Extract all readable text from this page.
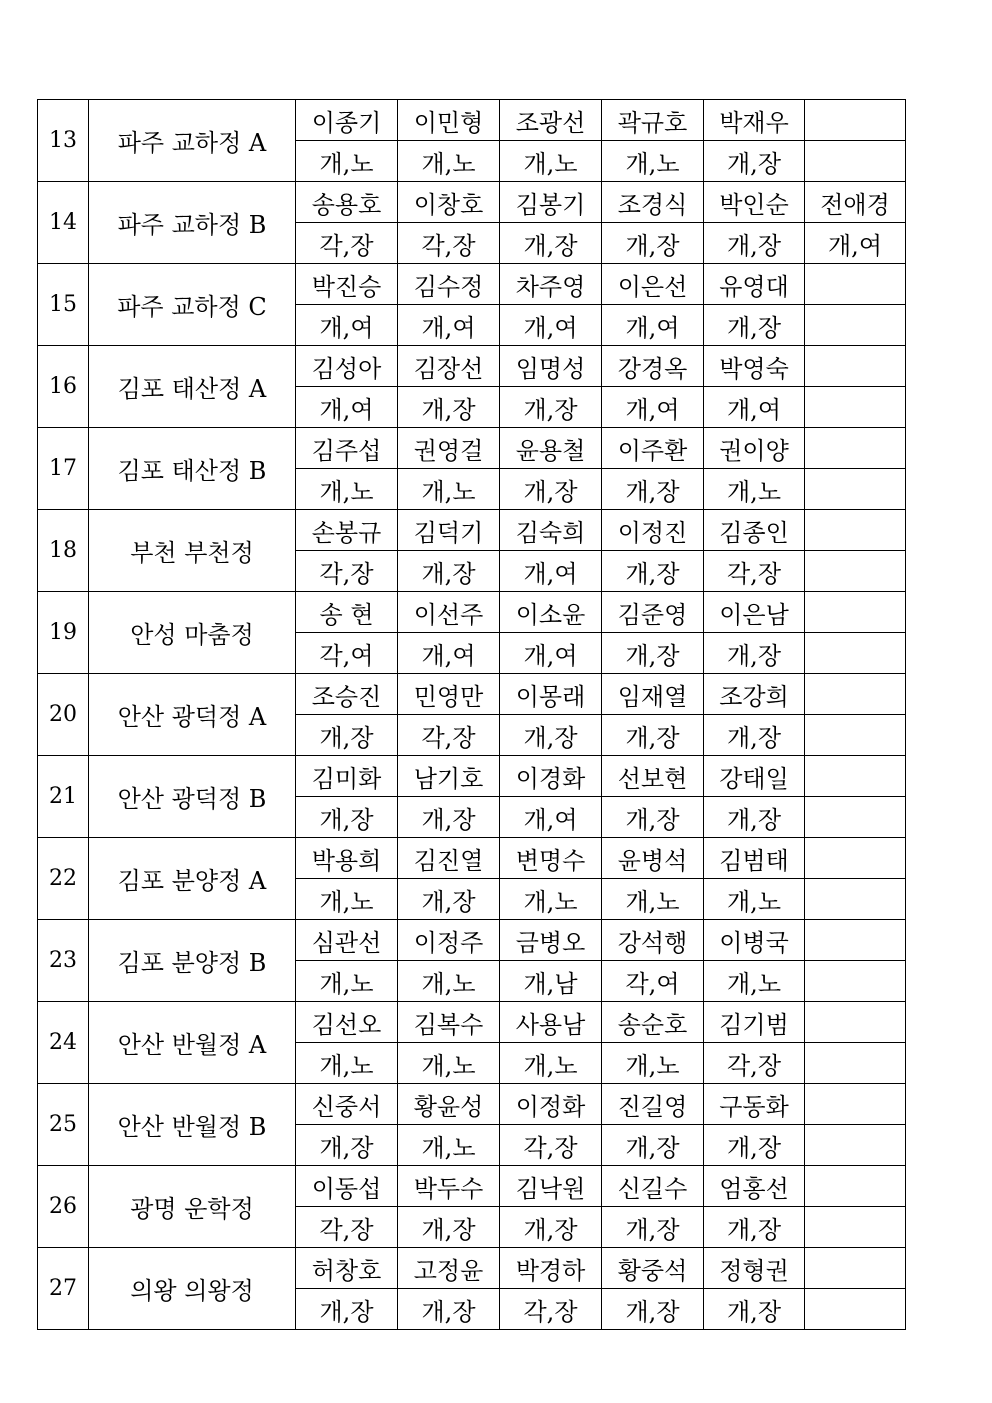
13	파주 교하정 A	이종기	이민형	조광선	곽규호	박재우	
		개,노	개,노	개,노	개,노	개,장	
14	파주 교하정 B	송용호	이창호	김봉기	조경식	박인순	전애경
		각,장	각,장	개,장	개,장	개,장	개,여
15	파주 교하정 C	박진승	김수정	차주영	이은선	유영대	
		개,여	개,여	개,여	개,여	개,장	
16	김포 태산정 A	김성아	김장선	임명성	강경옥	박영숙	
		개,여	개,장	개,장	개,여	개,여	
17	김포 태산정 B	김주섭	권영걸	윤용철	이주환	권이양	
		개,노	개,노	개,장	개,장	개,노	
18	부천 부천정	손봉규	김덕기	김숙희	이정진	김종인	
		각,장	개,장	개,여	개,장	각,장	
19	안성 마춤정	송 현	이선주	이소윤	김준영	이은남	
		각,여	개,여	개,여	개,장	개,장	
20	안산 광덕정 A	조승진	민영만	이몽래	임재열	조강희	
		개,장	각,장	개,장	개,장	개,장	
21	안산 광덕정 B	김미화	남기호	이경화	선보현	강태일	
		개,장	개,장	개,여	개,장	개,장	
22	김포 분양정 A	박용희	김진열	변명수	윤병석	김범태	
		개,노	개,장	개,노	개,노	개,노	
23	김포 분양정 B	심관선	이정주	금병오	강석행	이병국	
		개,노	개,노	개,남	각,여	개,노	
24	안산 반월정 A	김선오	김복수	사용남	송순호	김기범	
		개,노	개,노	개,노	개,노	각,장	
25	안산 반월정 B	신중서	황윤성	이정화	진길영	구동화	
		개,장	개,노	각,장	개,장	개,장	
26	광명 운학정	이동섭	박두수	김낙원	신길수	엄홍선	
		각,장	개,장	개,장	개,장	개,장	
27	의왕 의왕정	허창호	고정윤	박경하	황중석	정형권	
		개,장	개,장	각,장	개,장	개,장	
